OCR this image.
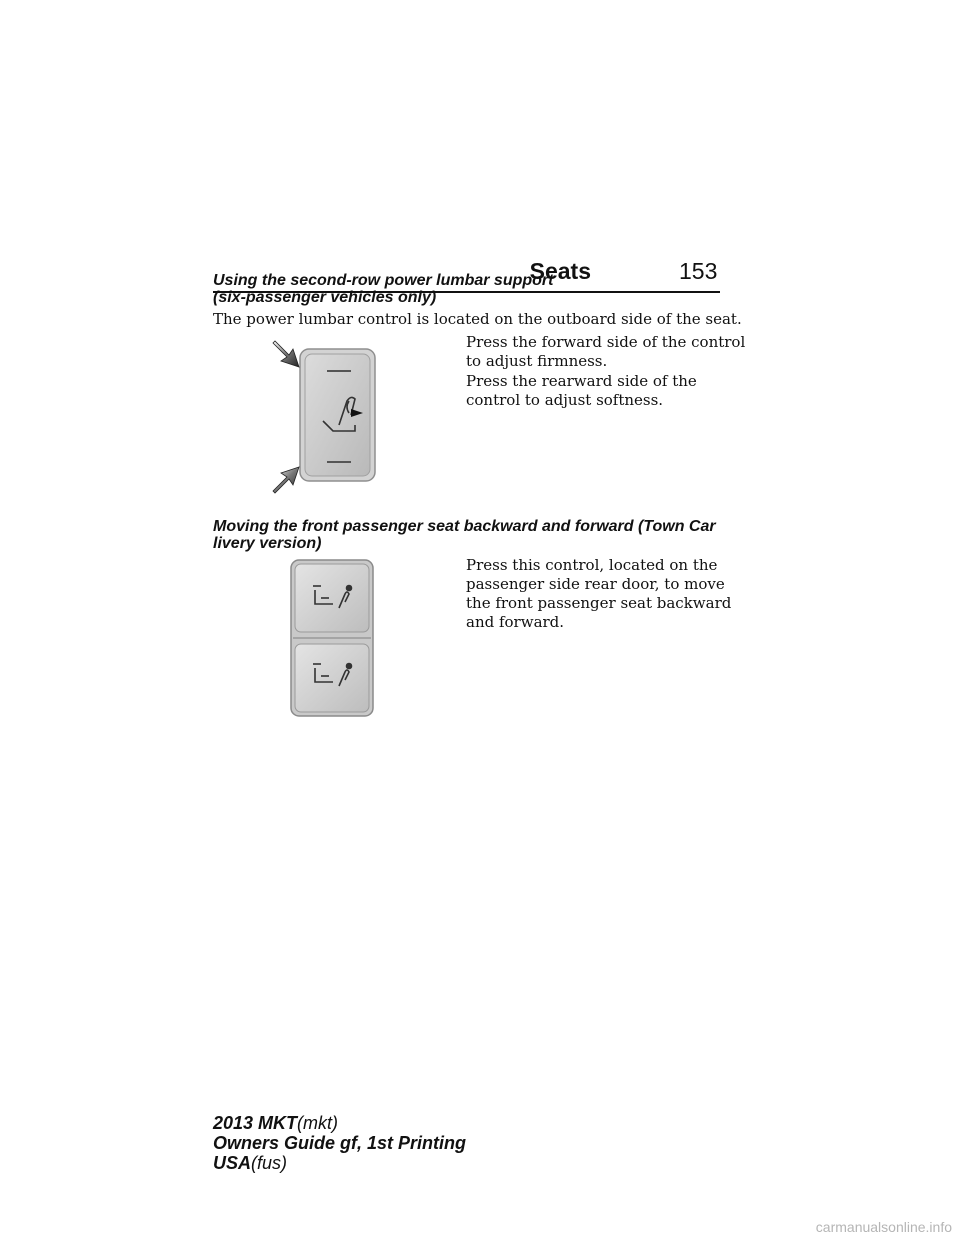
Seats	153
Using the second-row power lumbar support
(six-passenger vehicles only)
The power lumbar control is located on the outboard side of the seat.
Press the forward side of the control
to adjust firmness.
Press the rearward side of the
control to adjust softness.
Moving the front passenger seat backward and forward (Town Car
livery version)
Press this control, located on the
passenger side rear door, to move
the front passenger seat backward
and forward.
2013 MKT(mkt)
Owners Guide gf, 1st Printing
USA(fus)
carmanualsonline.info
